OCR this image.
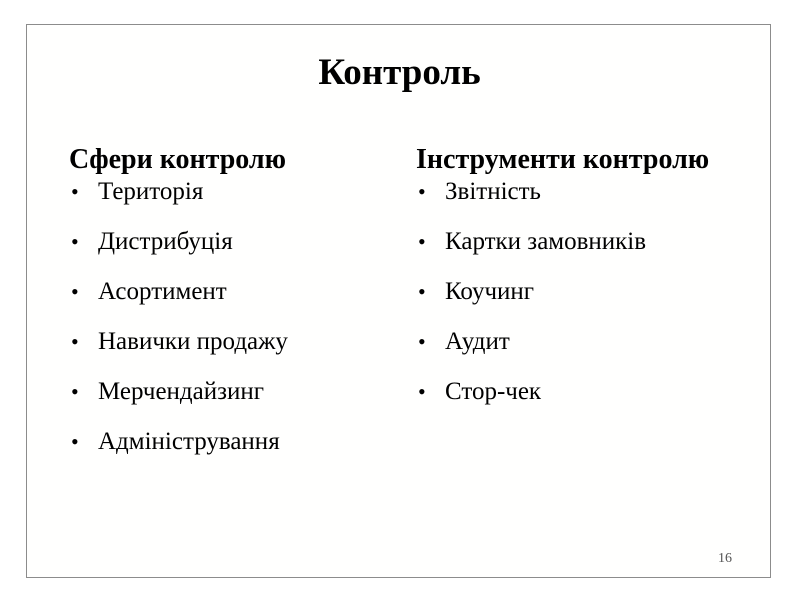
Контроль
Сфери контролю
• Територія
• Дистрибуція
• Асортимент
• Навички продажу
• Мерчендайзинг
• Адміністрування
Інструменти контролю
• Звітність
• Картки замовників
• Коучинг
• Аудит
• Стор-чек
16
